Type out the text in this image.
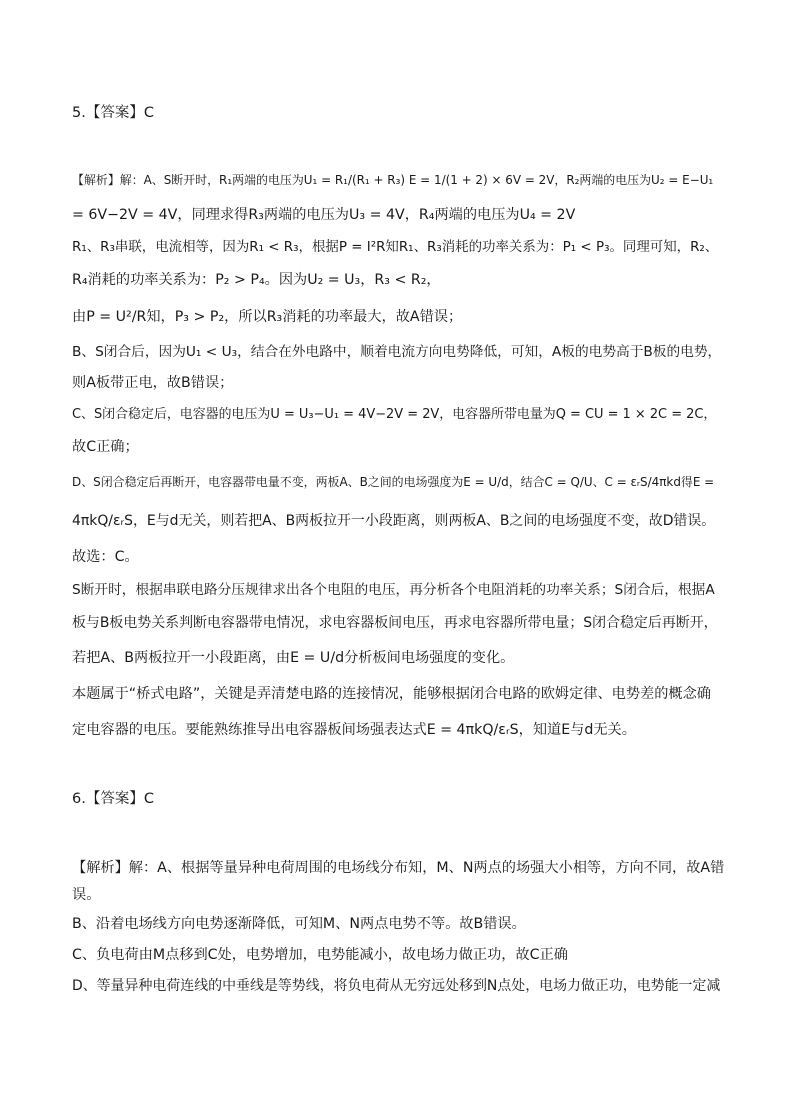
5.【答案】C
【解析】解：A、S断开时，R₁两端的电压为U₁ = R₁/(R₁ + R₃) E = 1/(1 + 2) × 6V = 2V，R₂两端的电压为U₂ = E−U₁
= 6V−2V = 4V，同理求得R₃两端的电压为U₃ = 4V，R₄两端的电压为U₄ = 2V
R₁、R₃串联，电流相等，因为R₁ < R₃，根据P = I²R知R₁、R₃消耗的功率关系为：P₁ < P₃。同理可知，R₂、
R₄消耗的功率关系为：P₂ > P₄。因为U₂ = U₃，R₃ < R₂，
由P = U²/R知，P₃ > P₂，所以R₃消耗的功率最大，故A错误；
B、S闭合后，因为U₁ < U₃，结合在外电路中，顺着电流方向电势降低，可知，A板的电势高于B板的电势，
则A板带正电，故B错误；
C、S闭合稳定后，电容器的电压为U = U₃−U₁ = 4V−2V = 2V，电容器所带电量为Q = CU = 1 × 2C = 2C，
故C正确；
D、S闭合稳定后再断开，电容器带电量不变，两板A、B之间的电场强度为E = U/d，结合C = Q/U、C = εᵣS/4πkd得E =
4πkQ/εᵣS，E与d无关，则若把A、B两板拉开一小段距离，则两板A、B之间的电场强度不变，故D错误。
故选：C。
S断开时，根据串联电路分压规律求出各个电阻的电压，再分析各个电阻消耗的功率关系；S闭合后，根据A
板与B板电势关系判断电容器带电情况，求电容器板间电压，再求电容器所带电量；S闭合稳定后再断开，
若把A、B两板拉开一小段距离，由E = U/d分析板间电场强度的变化。
本题属于“桥式电路”，关键是弄清楚电路的连接情况，能够根据闭合电路的欧姆定律、电势差的概念确
定电容器的电压。要能熟练推导出电容器板间场强表达式E = 4πkQ/εᵣS，知道E与d无关。
6.【答案】C
【解析】解：A、根据等量异种电荷周围的电场线分布知，M、N两点的场强大小相等，方向不同，故A错
误。
B、沿着电场线方向电势逐渐降低，可知M、N两点电势不等。故B错误。
C、负电荷由M点移到C处，电势增加，电势能减小，故电场力做正功，故C正确
D、等量异种电荷连线的中垂线是等势线，将负电荷从无穷远处移到N点处，电场力做正功，电势能一定减
